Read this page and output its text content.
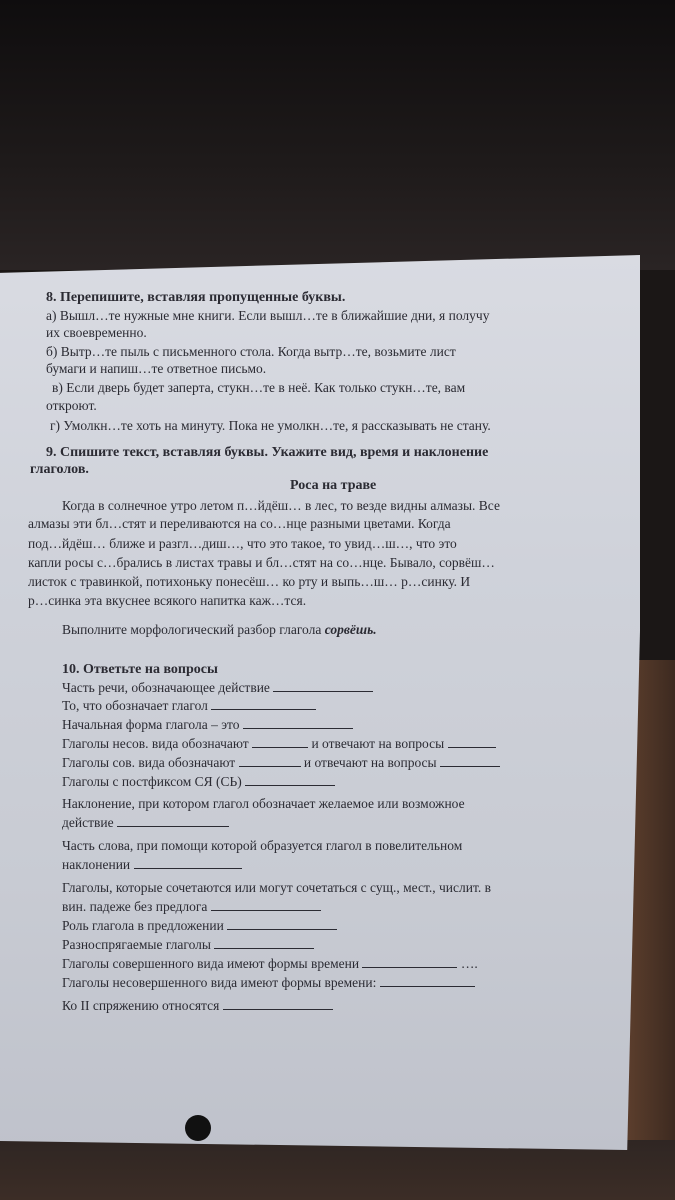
8. Перепишите, вставляя пропущенные буквы.
а) Вышл…те нужные мне книги. Если вышл…те в ближайшие дни, я получу
их своевременно.
б) Вытр…те пыль с письменного стола. Когда вытр…те, возьмите лист
бумаги и напиш…те ответное письмо.
в) Если дверь будет заперта, стукн…те в неё. Как только стукн…те, вам
откроют.
г) Умолкн…те хоть на минуту. Пока не умолкн…те, я рассказывать не стану.
9. Спишите текст, вставляя буквы. Укажите вид, время и наклонение
глаголов.
Роса на траве
Когда в солнечное утро летом п…йдёш… в лес, то везде видны алмазы. Все
алмазы эти бл…стят и переливаются на со…нце разными цветами. Когда
под…йдёш… ближе и разгл…диш…, что это такое, то увид…ш…, что это
капли росы с…брались в листах травы и бл…стят на со…нце. Бывало, сорвёш…
листок с травинкой, потихоньку понесёш… ко рту и выпь…ш… р…синку. И
р…синка эта вкуснее всякого напитка каж…тся.
Выполните морфологический разбор глагола сорвёшь.
10. Ответьте на вопросы
Часть речи, обозначающее действие
То, что обозначает глагол
Начальная форма глагола – это
Глаголы несов. вида обозначают	и отвечают на вопросы
Глаголы сов. вида обозначают	и отвечают на вопросы
Глаголы с постфиксом СЯ (СЬ)
Наклонение, при котором глагол обозначает желаемое или возможное
действие
Часть слова, при помощи которой образуется глагол в повелительном
наклонении
Глаголы, которые сочетаются или могут сочетаться с сущ., мест., числит. в
вин. падеже без предлога
Роль глагола в предложении
Разноспрягаемые глаголы
Глаголы совершенного вида имеют формы времени	….
Глаголы несовершенного вида имеют формы времени:
Ко II спряжению относятся
